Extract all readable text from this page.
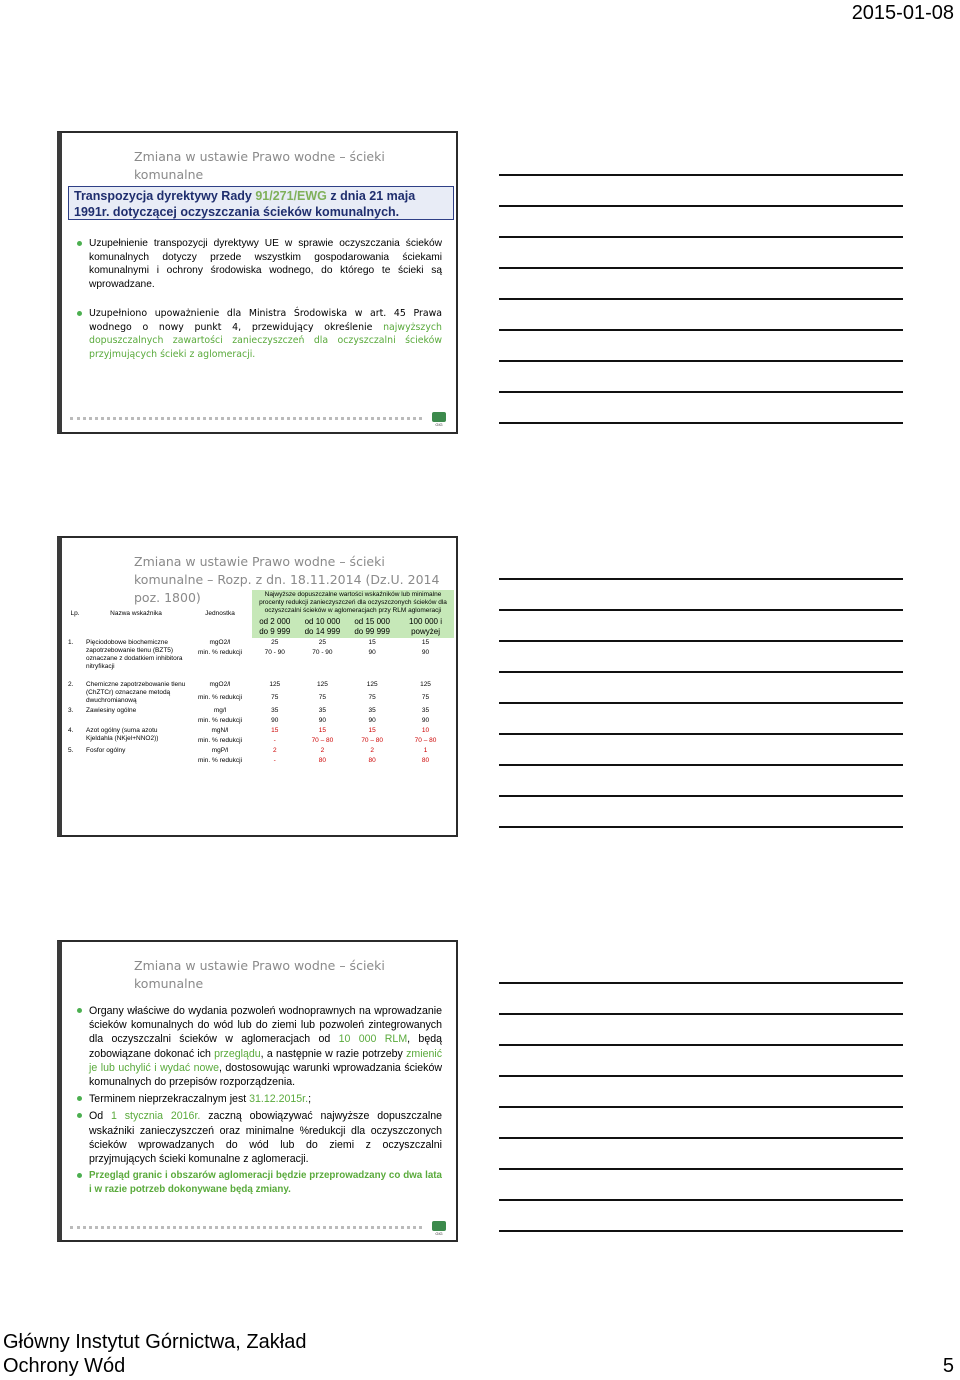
2015-01-08
Zmiana w ustawie Prawo wodne – ścieki komunalne
Transpozycja dyrektywy Rady 91/271/EWG z dnia 21 maja 1991r. dotyczącej oczyszczania ścieków komunalnych.
Uzupełnienie transpozycji dyrektywy UE w sprawie oczyszczania ścieków komunalnych dotyczy przede wszystkim gospodarowania ściekami komunalnymi i ochrony środowiska wodnego, do którego te ścieki są wprowadzane.
Uzupełniono upoważnienie dla Ministra Środowiska w art. 45 Prawa wodnego o nowy punkt 4, przewidujący określenie najwyższych dopuszczalnych zawartości zanieczyszczeń dla oczyszczalni ścieków przyjmujących ścieki z aglomeracji.
GIG
Zmiana w ustawie Prawo wodne – ścieki komunalne – Rozp. z dn. 18.11.2014 (Dz.U. 2014 poz. 1800)
Lp.	Nazwa wskaźnika	Jednostka	Najwyższe dopuszczalne wartości wskaźników lub minimalne procenty redukcji zanieczyszczeń dla oczyszczonych ścieków dla oczyszczalni ścieków w aglomeracjach przy RLM aglomeracji			
			od 2 000 do 9 999	od 10 000 do 14 999	od 15 000 do 99 999	100 000 i powyżej
1.	Pięciodobowe biochemiczne zapotrzebowanie tlenu (BZT5) oznaczane z dodatkiem inhibitora nitryfikacji	mgO2/l	25	25	15	15
		min. % redukcji	70 - 90	70 - 90	90	90
2.	Chemiczne zapotrzebowanie tlenu (ChZTCr) oznaczane metodą dwuchromianową	mgO2/l	125	125	125	125
		min. % redukcji	75	75	75	75
3.	Zawiesiny ogólne	mg/l	35	35	35	35
		min. % redukcji	90	90	90	90
4.	Azot ogólny (suma azotu Kjeldahla (NKjel+NNO2))	mgN/l	15	15	15	10
		min. % redukcji	-	70 – 80	70 – 80	70 – 80
5.	Fosfor ogólny	mgP/l	2	2	2	1
		min. % redukcji	-	80	80	80
Zmiana w ustawie Prawo wodne – ścieki komunalne
Organy właściwe do wydania pozwoleń wodnoprawnych na wprowadzanie ścieków komunalnych do wód lub do ziemi lub pozwoleń zintegrowanych dla oczyszczalni ścieków w aglomeracjach od 10 000 RLM, będą zobowiązane dokonać ich przeglądu, a następnie w razie potrzeby zmienić je lub uchylić i wydać nowe, dostosowując warunki wprowadzania ścieków komunalnych do przepisów rozporządzenia.
Terminem nieprzekraczalnym jest 31.12.2015r.;
Od 1 stycznia 2016r. zaczną obowiązywać najwyższe dopuszczalne wskaźniki zanieczyszczeń oraz minimalne %redukcji dla oczyszczonych ścieków wprowadzanych do wód lub do ziemi z oczyszczalni przyjmujących ścieki komunalne z aglomeracji.
Przegląd granic i obszarów aglomeracji będzie przeprowadzany co dwa lata i w razie potrzeb dokonywane będą zmiany.
GIG
Główny Instytut Górnictwa, Zakład
Ochrony Wód	5
